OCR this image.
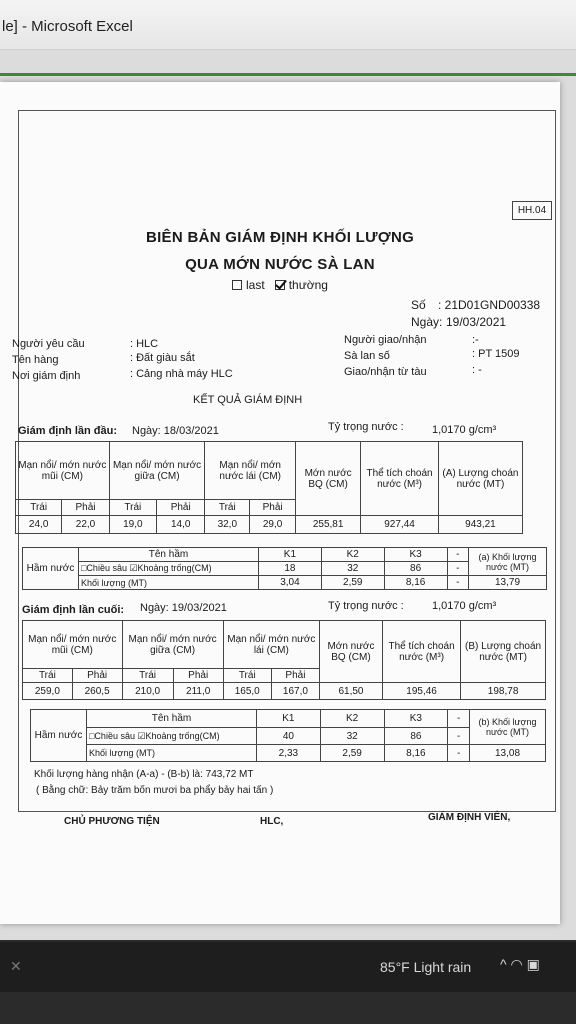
le] - Microsoft Excel
HH.04
BIÊN BẢN GIÁM ĐỊNH KHỐI LƯỢNG
QUA MỚN NƯỚC SÀ LAN
last thường
Số : 21D01GND00338
Ngày: 19/03/2021
Người yêu cầu	: HLC
Tên hàng	: Đất giàu sắt
Nơi giám định	: Cảng nhà máy HLC
Người giao/nhận	:-
Sà lan số	: PT 1509
Giao/nhận từ tàu	: -
KẾT QUẢ GIÁM ĐỊNH
Giám định lần đầu: Ngày: 18/03/2021	Tỷ trọng nước :	1,0170 g/cm³
Mạn nổi/ mớn nước mũi (CM)		Mạn nổi/ mớn nước giữa (CM)		Mạn nổi/ mớn nước lái (CM)		Mớn nước BQ (CM)	Thể tích choán nước (M³)	(A) Lượng choán nước (MT)
Trái	Phải	Trái	Phải	Trái	Phải			
24,0	22,0	19,0	14,0	32,0	29,0	255,81	927,44	943,21
Hầm nước	Tên hầm	K1	K2	K3	-	(a) Khối lượng nước (MT)
	□Chiều sâu ☑Khoảng trống(CM)	18	32	86	-	
	Khối lượng (MT)	3,04	2,59	8,16	-	13,79
Giám định lần cuối: Ngày: 19/03/2021	Tỷ trọng nước :	1,0170 g/cm³
Mạn nổi/ mớn nước mũi (CM)		Mạn nổi/ mớn nước giữa (CM)		Mạn nổi/ mớn nước lái (CM)		Mớn nước BQ (CM)	Thể tích choán nước (M³)	(B) Lượng choán nước (MT)
Trái	Phải	Trái	Phải	Trái	Phải			
259,0	260,5	210,0	211,0	165,0	167,0	61,50	195,46	198,78
Hầm nước	Tên hầm	K1	K2	K3	-	(b) Khối lượng nước (MT)
	□Chiều sâu ☑Khoảng trống(CM)	40	32	86	-	
	Khối lượng (MT)	2,33	2,59	8,16	-	13,08
Khối lượng hàng nhận (A-a) - (B-b) là: 743,72 MT
( Bằng chữ: Bảy trăm bốn mươi ba phẩy bảy hai tấn )
CHỦ PHƯƠNG TIỆN	HLC,	GIÁM ĐỊNH VIÊN,
✕	85°F Light rain ^ ◠ ▣
